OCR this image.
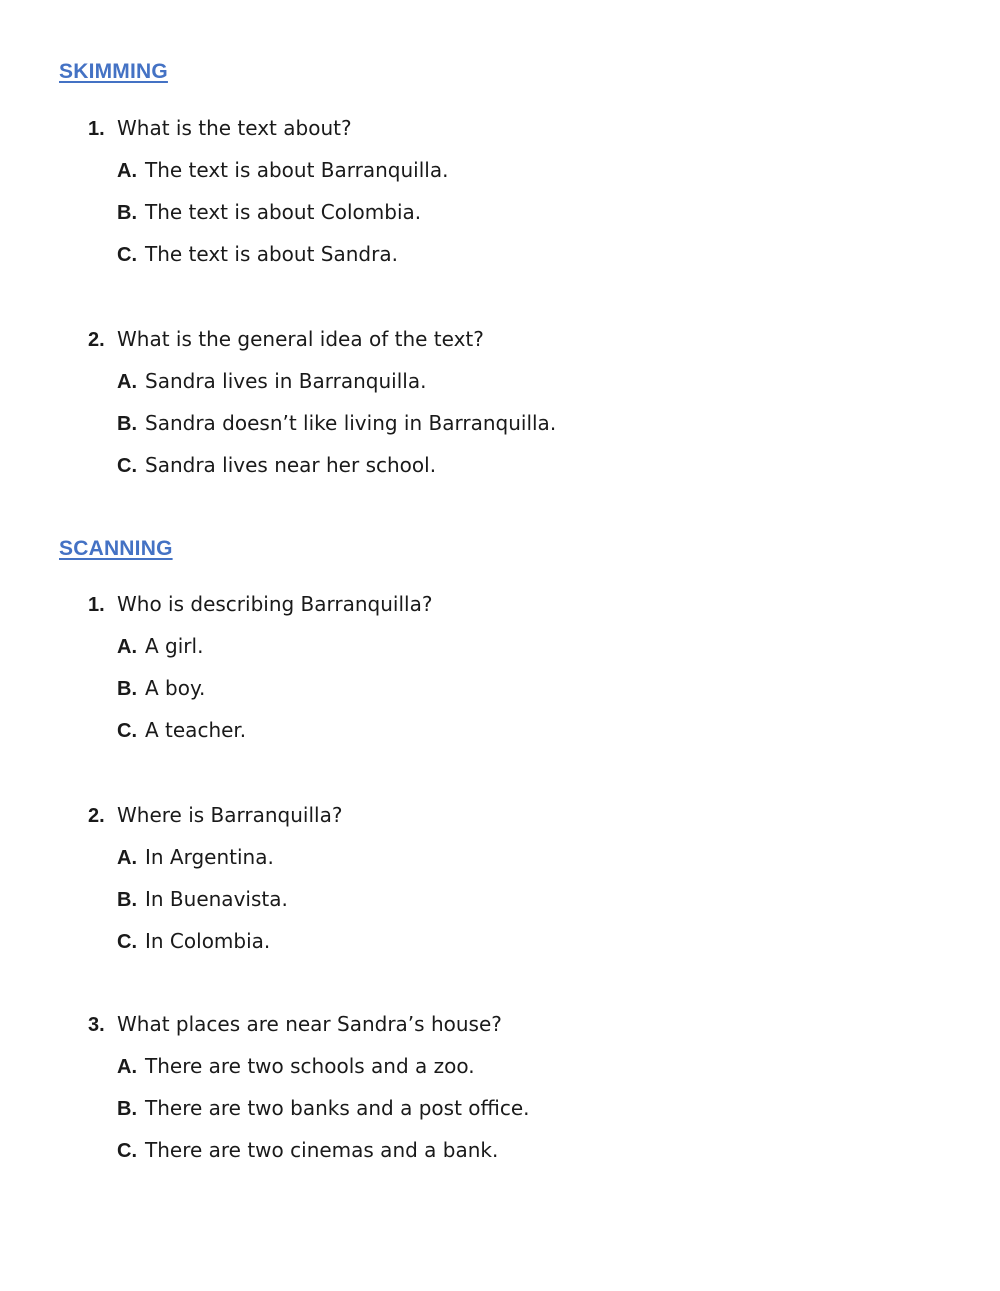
SKIMMING
1. What is the text about?
A. The text is about Barranquilla.
B. The text is about Colombia.
C. The text is about Sandra.
2. What is the general idea of the text?
A. Sandra lives in Barranquilla.
B. Sandra doesn’t like living in Barranquilla.
C. Sandra lives near her school.
SCANNING
1. Who is describing Barranquilla?
A. A girl.
B. A boy.
C. A teacher.
2. Where is Barranquilla?
A. In Argentina.
B. In Buenavista.
C. In Colombia.
3. What places are near Sandra’s house?
A. There are two schools and a zoo.
B. There are two banks and a post office.
C. There are two cinemas and a bank.
